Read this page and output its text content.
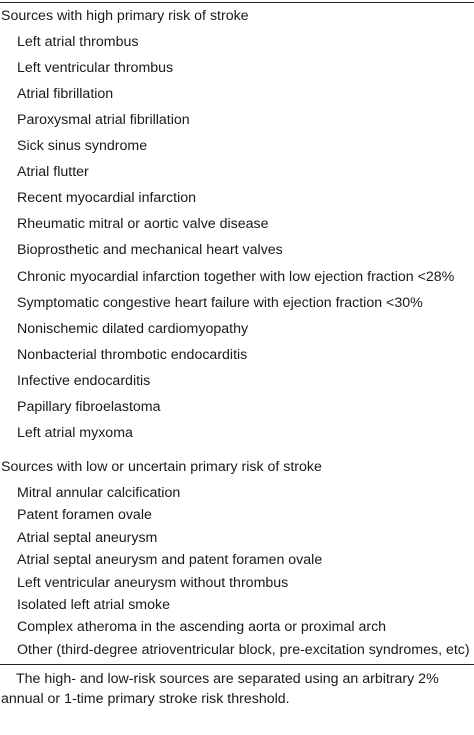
Sources with high primary risk of stroke
Left atrial thrombus
Left ventricular thrombus
Atrial fibrillation
Paroxysmal atrial fibrillation
Sick sinus syndrome
Atrial flutter
Recent myocardial infarction
Rheumatic mitral or aortic valve disease
Bioprosthetic and mechanical heart valves
Chronic myocardial infarction together with low ejection fraction <28%
Symptomatic congestive heart failure with ejection fraction <30%
Nonischemic dilated cardiomyopathy
Nonbacterial thrombotic endocarditis
Infective endocarditis
Papillary fibroelastoma
Left atrial myxoma
Sources with low or uncertain primary risk of stroke
Mitral annular calcification
Patent foramen ovale
Atrial septal aneurysm
Atrial septal aneurysm and patent foramen ovale
Left ventricular aneurysm without thrombus
Isolated left atrial smoke
Complex atheroma in the ascending aorta or proximal arch
The high- and low-risk sources are separated using an arbitrary 2% annual or 1-time primary stroke risk threshold.
Other (third-degree atrioventricular block, pre-excitation syndromes, etc)
